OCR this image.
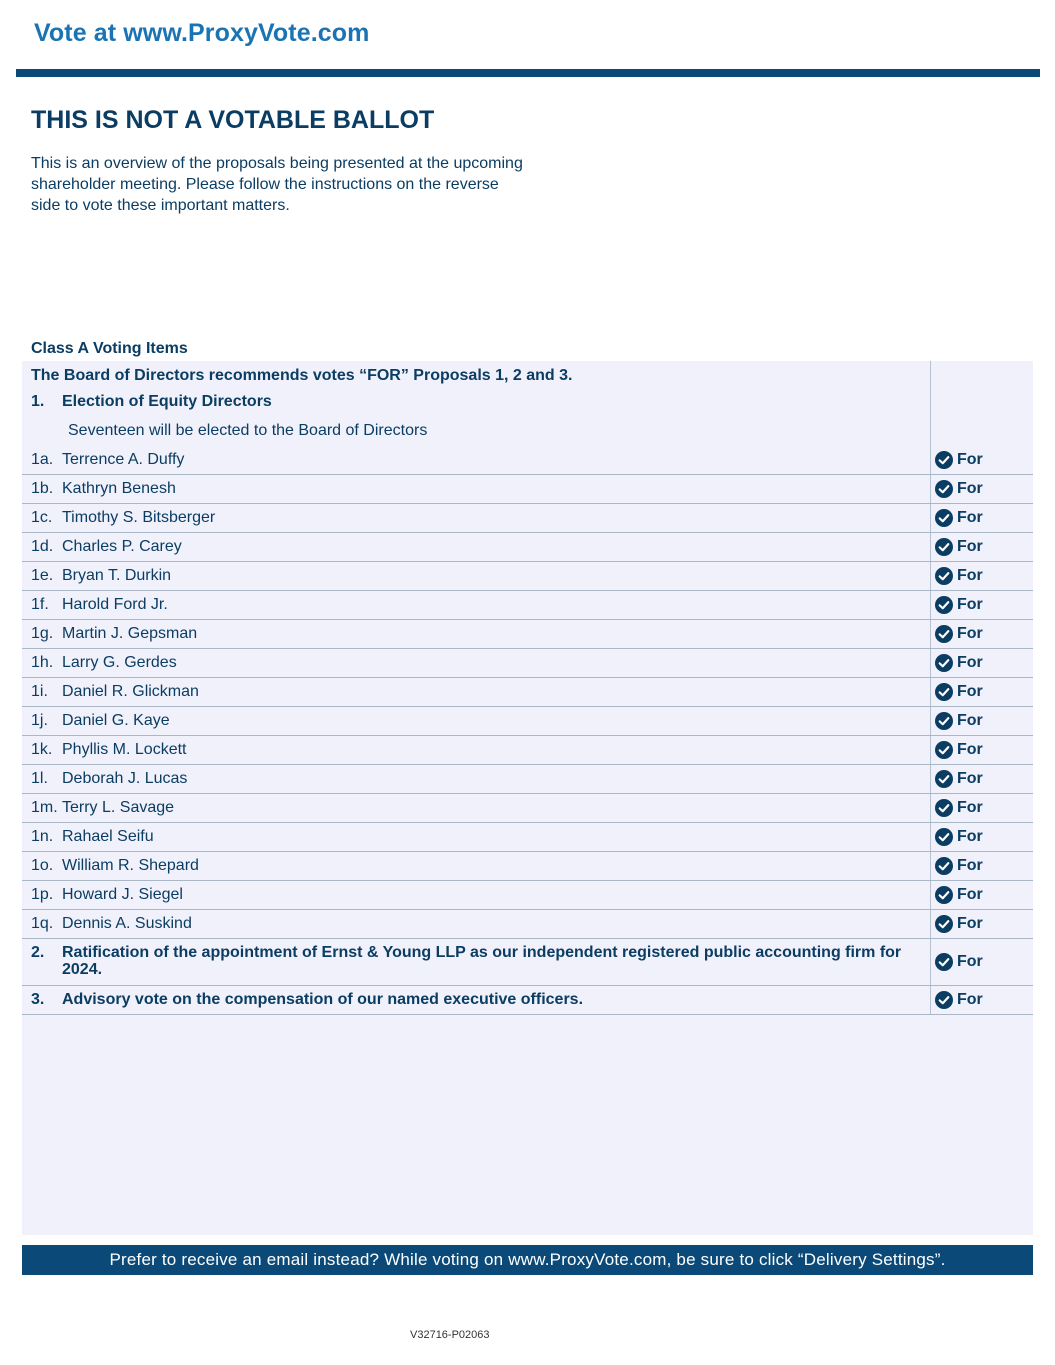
Vote at www.ProxyVote.com
THIS IS NOT A VOTABLE BALLOT
This is an overview of the proposals being presented at the upcoming shareholder meeting. Please follow the instructions on the reverse side to vote these important matters.
Class A Voting Items
The Board of Directors recommends votes “FOR” Proposals 1, 2 and 3.
1. Election of Equity Directors
Seventeen will be elected to the Board of Directors
1a. Terrence A. Duffy	For
1b. Kathryn Benesh	For
1c. Timothy S. Bitsberger	For
1d. Charles P. Carey	For
1e. Bryan T. Durkin	For
1f. Harold Ford Jr.	For
1g. Martin J. Gepsman	For
1h. Larry G. Gerdes	For
1i. Daniel R. Glickman	For
1j. Daniel G. Kaye	For
1k. Phyllis M. Lockett	For
1l. Deborah J. Lucas	For
1m. Terry L. Savage	For
1n. Rahael Seifu	For
1o. William R. Shepard	For
1p. Howard J. Siegel	For
1q. Dennis A. Suskind	For
2. Ratification of the appointment of Ernst & Young LLP as our independent registered public accounting firm for 2024.	For
3. Advisory vote on the compensation of our named executive officers.	For
Prefer to receive an email instead? While voting on www.ProxyVote.com, be sure to click “Delivery Settings”.
V32716-P02063
